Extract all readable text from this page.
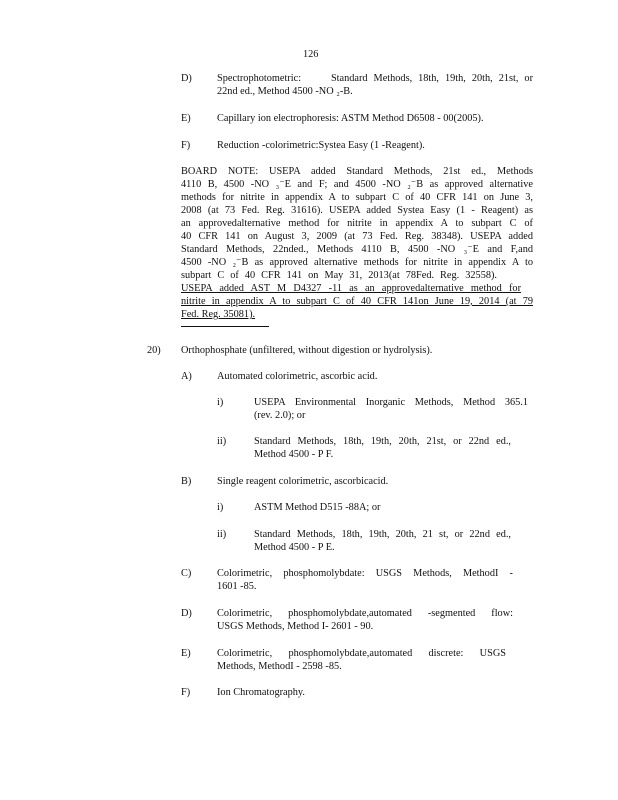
126
D) Spectrophotometric:     Standard Methods, 18th, 19th, 20th, 21st, or
22nd ed., Method 4500 -NO ₂-B.
E)	Capillary ion electrophoresis: ASTM Method D6508 - 00(2005).
F)	Reduction -colorimetric:Systea Easy (1 -Reagent).
BOARD NOTE: USEPA added Standard Methods, 21st ed., Methods
4110 B, 4500 -NO ₃⁻E and F; and 4500 -NO ₂⁻B as approved alternative
methods for nitrite in appendix A to subpart C of 40 CFR 141 on June 3,
2008 (at 73 Fed. Reg. 31616). USEPA added Systea Easy (1 - Reagent) as
an approvedalternative method for nitrite in appendix A to subpart C of
40 CFR 141 on August 3, 2009 (at 73 Fed. Reg. 38348). USEPA added
Standard Methods, 22nded., Methods 4110 B, 4500 -NO ₃⁻E and F,and
4500 -NO ₂⁻B as approved alternative methods for nitrite in appendix A to
subpart C of 40 CFR 141 on May 31, 2013(at 78Fed. Reg. 32558).
USEPA added AST M D4327 -11 as an approvedalternative method for
nitrite in appendix A to subpart C of 40 CFR 141on June 19, 2014 (at 79
Fed. Reg. 35081).
20) Orthophosphate (unfiltered, without digestion or hydrolysis).
A) Automated colorimetric, ascorbic acid.
i)	USEPA Environmental Inorganic Methods, Method 365.1
(rev. 2.0); or
ii)	Standard Methods, 18th, 19th, 20th, 21st, or 22nd ed.,
Method 4500 - P F.
B) Single reagent colorimetric, ascorbicacid.
i)	ASTM Method D515 -88A; or
ii)	Standard Methods, 18th, 19th, 20th, 21 st, or 22nd ed.,
Method 4500 - P E.
C) Colorimetric, phosphomolybdate: USGS Methods, MethodI -
1601 -85.
D) Colorimetric, phosphomolybdate,automated -segmented flow:
USGS Methods, Method I- 2601 - 90.
E)	Colorimetric, phosphomolybdate,automated discrete: USGS
Methods, MethodI - 2598 -85.
F)	Ion Chromatography.
